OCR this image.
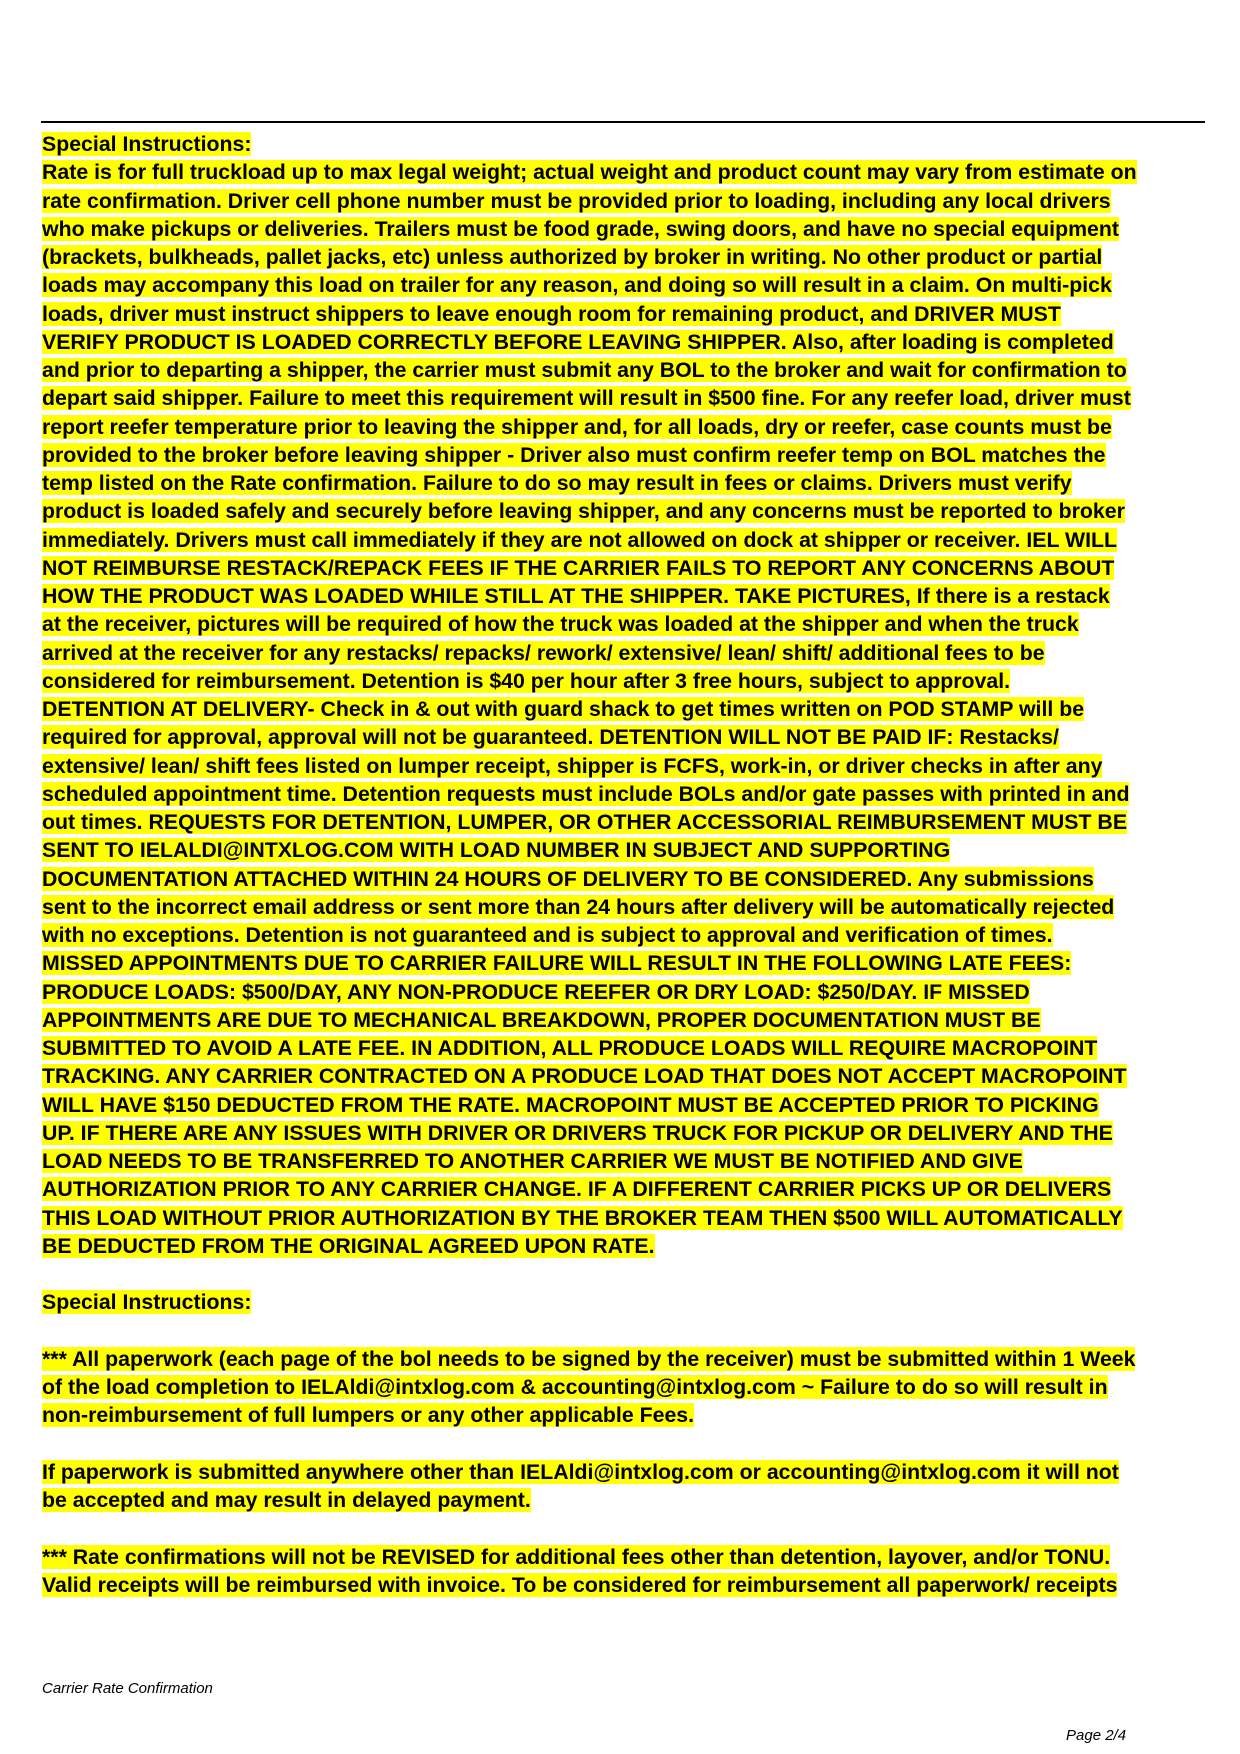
Special Instructions:
Rate is for full truckload up to max legal weight; actual weight and product count may vary from estimate on
rate confirmation. Driver cell phone number must be provided prior to loading, including any local drivers
who make pickups or deliveries. Trailers must be food grade, swing doors, and have no special equipment
(brackets, bulkheads, pallet jacks, etc) unless authorized by broker in writing. No other product or partial
loads may accompany this load on trailer for any reason, and doing so will result in a claim. On multi-pick
loads, driver must instruct shippers to leave enough room for remaining product, and DRIVER MUST
VERIFY PRODUCT IS LOADED CORRECTLY BEFORE LEAVING SHIPPER. Also, after loading is completed
and prior to departing a shipper, the carrier must submit any BOL to the broker and wait for confirmation to
depart said shipper. Failure to meet this requirement will result in $500 fine. For any reefer load, driver must
report reefer temperature prior to leaving the shipper and, for all loads, dry or reefer, case counts must be
provided to the broker before leaving shipper - Driver also must confirm reefer temp on BOL matches the
temp listed on the Rate confirmation. Failure to do so may result in fees or claims. Drivers must verify
product is loaded safely and securely before leaving shipper, and any concerns must be reported to broker
immediately. Drivers must call immediately if they are not allowed on dock at shipper or receiver. IEL WILL
NOT REIMBURSE RESTACK/REPACK FEES IF THE CARRIER FAILS TO REPORT ANY CONCERNS ABOUT
HOW THE PRODUCT WAS LOADED WHILE STILL AT THE SHIPPER. TAKE PICTURES, If there is a restack
at the receiver, pictures will be required of how the truck was loaded at the shipper and when the truck
arrived at the receiver for any restacks/ repacks/ rework/ extensive/ lean/ shift/ additional fees to be
considered for reimbursement. Detention is $40 per hour after 3 free hours, subject to approval.
DETENTION AT DELIVERY- Check in & out with guard shack to get times written on POD STAMP will be
required for approval, approval will not be guaranteed. DETENTION WILL NOT BE PAID IF: Restacks/
extensive/ lean/ shift fees listed on lumper receipt, shipper is FCFS, work-in, or driver checks in after any
scheduled appointment time. Detention requests must include BOLs and/or gate passes with printed in and
out times. REQUESTS FOR DETENTION, LUMPER, OR OTHER ACCESSORIAL REIMBURSEMENT MUST BE
SENT TO IELALDI@INTXLOG.COM WITH LOAD NUMBER IN SUBJECT AND SUPPORTING
DOCUMENTATION ATTACHED WITHIN 24 HOURS OF DELIVERY TO BE CONSIDERED. Any submissions
sent to the incorrect email address or sent more than 24 hours after delivery will be automatically rejected
with no exceptions. Detention is not guaranteed and is subject to approval and verification of times.
MISSED APPOINTMENTS DUE TO CARRIER FAILURE WILL RESULT IN THE FOLLOWING LATE FEES:
PRODUCE LOADS: $500/DAY, ANY NON-PRODUCE REEFER OR DRY LOAD: $250/DAY. IF MISSED
APPOINTMENTS ARE DUE TO MECHANICAL BREAKDOWN, PROPER DOCUMENTATION MUST BE
SUBMITTED TO AVOID A LATE FEE. IN ADDITION, ALL PRODUCE LOADS WILL REQUIRE MACROPOINT
TRACKING. ANY CARRIER CONTRACTED ON A PRODUCE LOAD THAT DOES NOT ACCEPT MACROPOINT
WILL HAVE $150 DEDUCTED FROM THE RATE. MACROPOINT MUST BE ACCEPTED PRIOR TO PICKING
UP. IF THERE ARE ANY ISSUES WITH DRIVER OR DRIVERS TRUCK FOR PICKUP OR DELIVERY AND THE
LOAD NEEDS TO BE TRANSFERRED TO ANOTHER CARRIER WE MUST BE NOTIFIED AND GIVE
AUTHORIZATION PRIOR TO ANY CARRIER CHANGE. IF A DIFFERENT CARRIER PICKS UP OR DELIVERS
THIS LOAD WITHOUT PRIOR AUTHORIZATION BY THE BROKER TEAM THEN $500 WILL AUTOMATICALLY
BE DEDUCTED FROM THE ORIGINAL AGREED UPON RATE.
Special Instructions:
*** All paperwork (each page of the bol needs to be signed by the receiver) must be submitted within 1 Week
of the load completion to IELAldi@intxlog.com & accounting@intxlog.com ~ Failure to do so will result in
non-reimbursement of full lumpers or any other applicable Fees.
If paperwork is submitted anywhere other than IELAldi@intxlog.com or accounting@intxlog.com it will not
be accepted and may result in delayed payment.
*** Rate confirmations will not be REVISED for additional fees other than detention, layover, and/or TONU.
Valid receipts will be reimbursed with invoice. To be considered for reimbursement all paperwork/ receipts
Carrier Rate Confirmation
Page 2/4
